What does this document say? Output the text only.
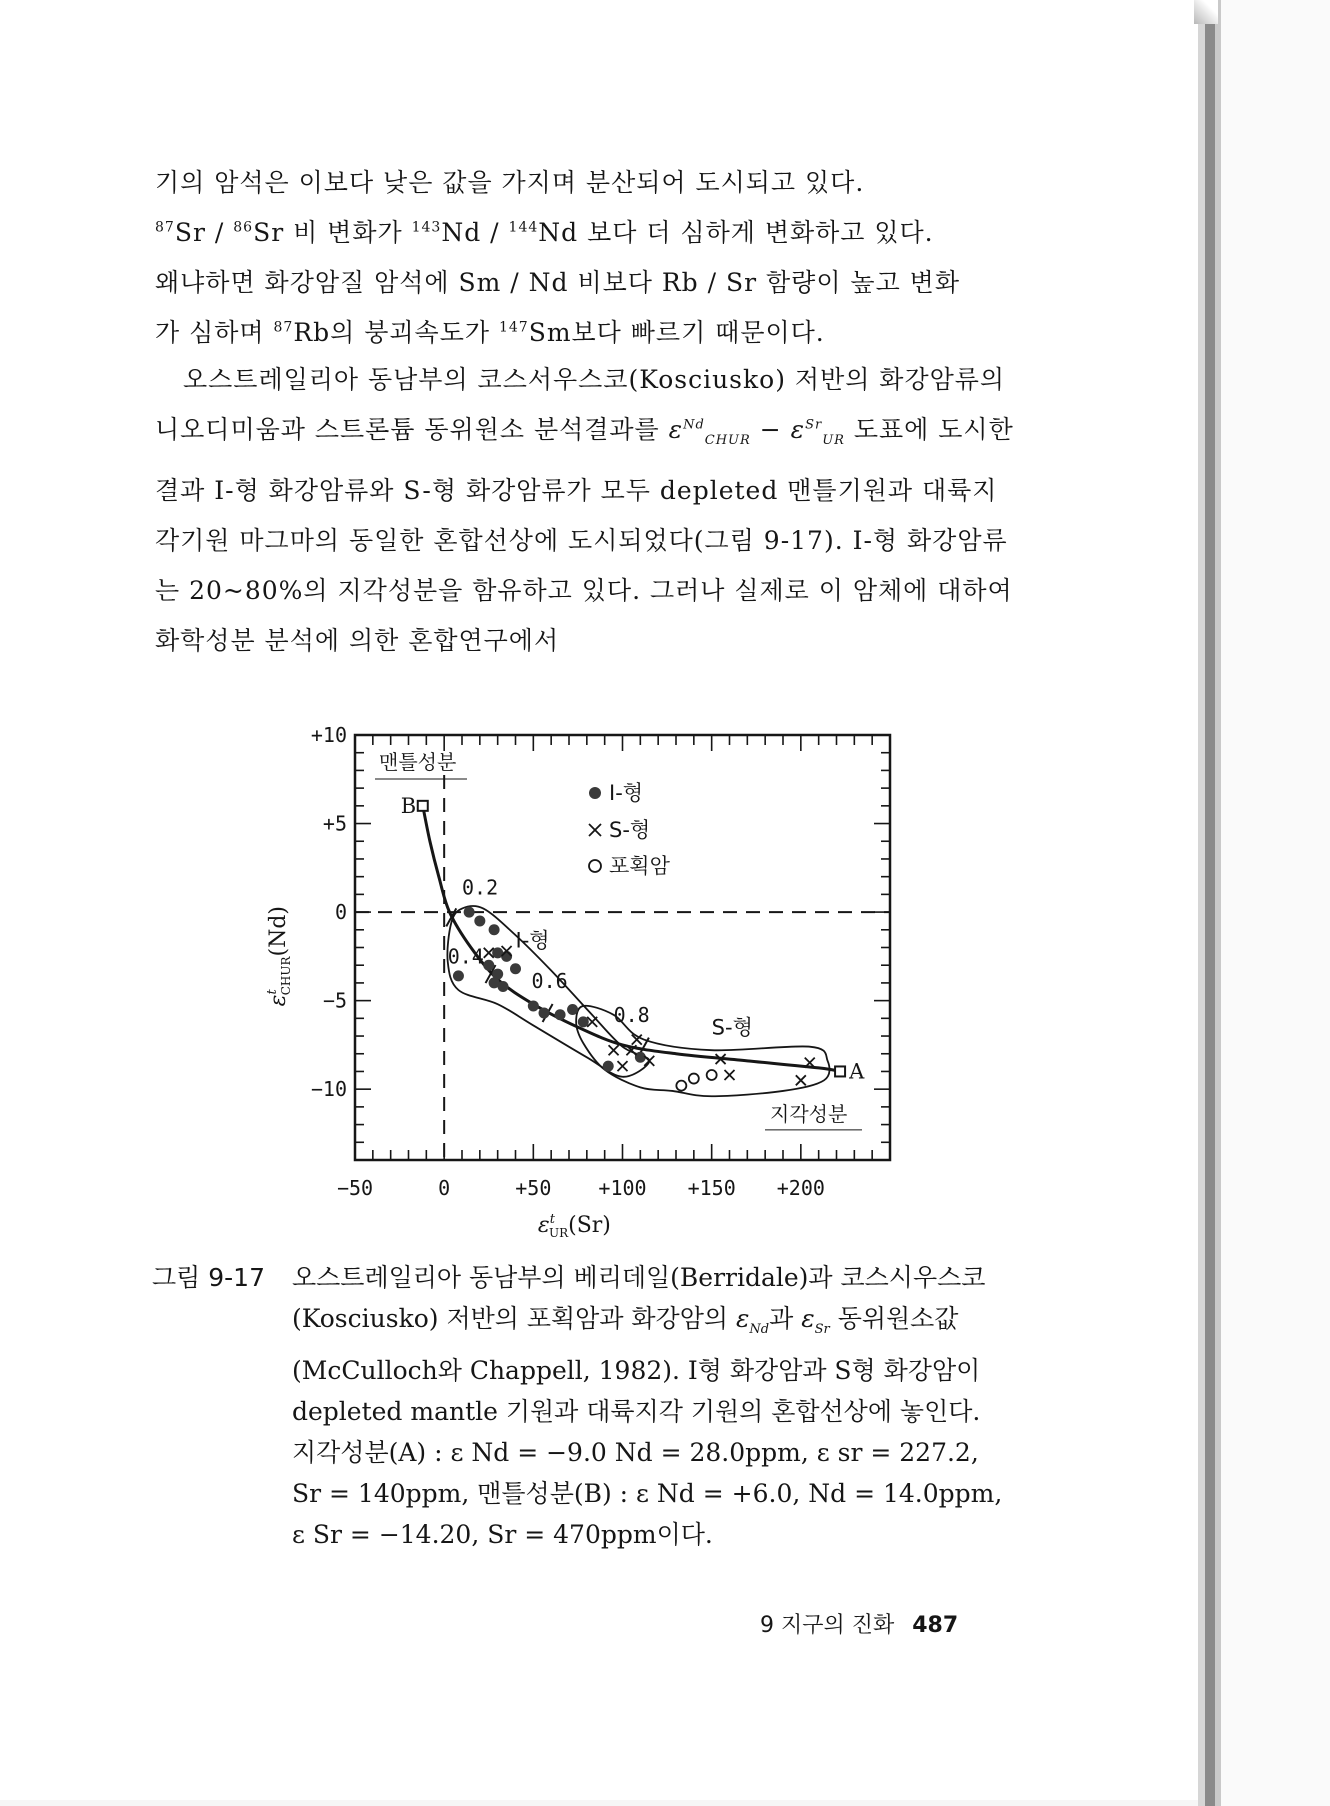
기의 암석은 이보다 낮은 값을 가지며 분산되어 도시되고 있다.
$^{87}$Sr / $^{86}$Sr 비 변화가 $^{143}$Nd / $^{144}$Nd 보다 더 심하게 변화하고 있다.
왜냐하면 화강암질 암석에 Sm / Nd 비보다 Rb / Sr 함량이 높고 변화
가 심하며 $^{87}$Rb의 붕괴속도가 $^{147}$Sm보다 빠르기 때문이다.

오스트레일리아 동남부의 코스서우스코(Kosciusko) 저반의 화강암류의 니오디미움과 스트론튬 동위원소 분석결과를 $\varepsilon^{Nd}_{CHUR} - \varepsilon^{Sr}_{UR}$ 도표에 도시한 결과 I-형 화강암류와 S-형 화강암류가 모두 depleted 맨틀기원과 대륙지각기원 마그마의 동일한 혼합선상에 도시되었다(그림 9-17). I-형 화강암류는 20~80%의 지각성분을 함유하고 있다. 그러나 실제로 이 암체에 대하여 화학성분 분석에 의한 혼합연구에서

−50	0	+50 +100 +150 +200
+10
+5
0
−5
−10
I-형
S-형
포획암
맨틀성분
지각성분
B
A
I-형
S-형
0.2
0.4
0.6
0.8
$\varepsilon^t$ UR(Sr)
$\varepsilon^tCHUR(Nd)$
그림 9-17	오스트레일리아 동남부의 베리데일(Berridale)과 코스시우스코
(Kosciusko) 저반의 포획암과 화강암의 $\varepsilon_{Nd}$과 $\varepsilon_{Sr}$ 동위원소값
(McCulloch와 Chappell, 1982). I형 화강암과 S형 화강암이
depleted mantle 기원과 대륙지각 기원의 혼합선상에 놓인다.
지각성분(A) : ε Nd = −9.0 Nd = 28.0ppm, ε sr = 227.2,
Sr = 140ppm, 맨틀성분(B) : ε Nd = +6.0, Nd = 14.0ppm,
ε Sr = −14.20, Sr = 470ppm이다.
9 지구의 진화 487
